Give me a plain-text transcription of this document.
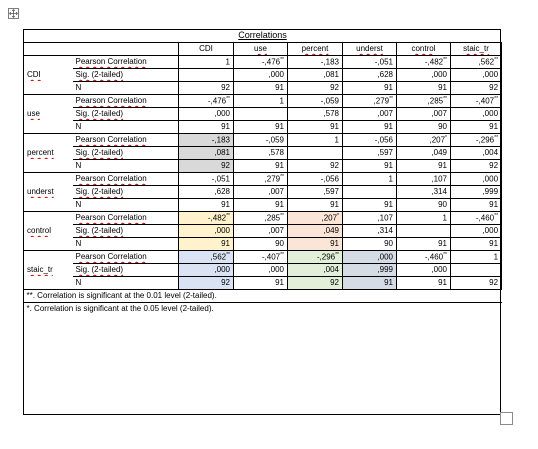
Correlations							
		CDI	use	percent	underst	control	staic_tr
	Pearson Correlation	1	-,476**	-,183	-,051	-,482**	,562**
CDI	Sig. (2-tailed)		,000	,081	,628	,000	,000
	N	92	91	92	91	91	92
	Pearson Correlation	-,476**	1	-,059	,279**	,285**	-,407**
use	Sig. (2-tailed)	,000		,578	,007	,007	,000
	N	91	91	91	91	90	91
	Pearson Correlation	-,183	-,059	1	-,056	,207*	-,296**
percent	Sig. (2-tailed)	,081	,578		,597	,049	,004
	N	92	91	92	91	91	92
	Pearson Correlation	-,051	,279**	-,056	1	,107	,000
underst	Sig. (2-tailed)	,628	,007	,597		,314	,999
	N	91	91	91	91	90	91
	Pearson Correlation	-,482**	,285**	,207*	,107	1	-,460**
control	Sig. (2-tailed)	,000	,007	,049	,314		,000
	N	91	90	91	90	91	91
	Pearson Correlation	,562**	-,407**	-,296**	,000	-,460**	1
staic_tr	Sig. (2-tailed)	,000	,000	,004	,999	,000	
	N	92	91	92	91	91	92
**. Correlation is significant at the 0.01 level (2-tailed).							
*. Correlation is significant at the 0.05 level (2-tailed).							
